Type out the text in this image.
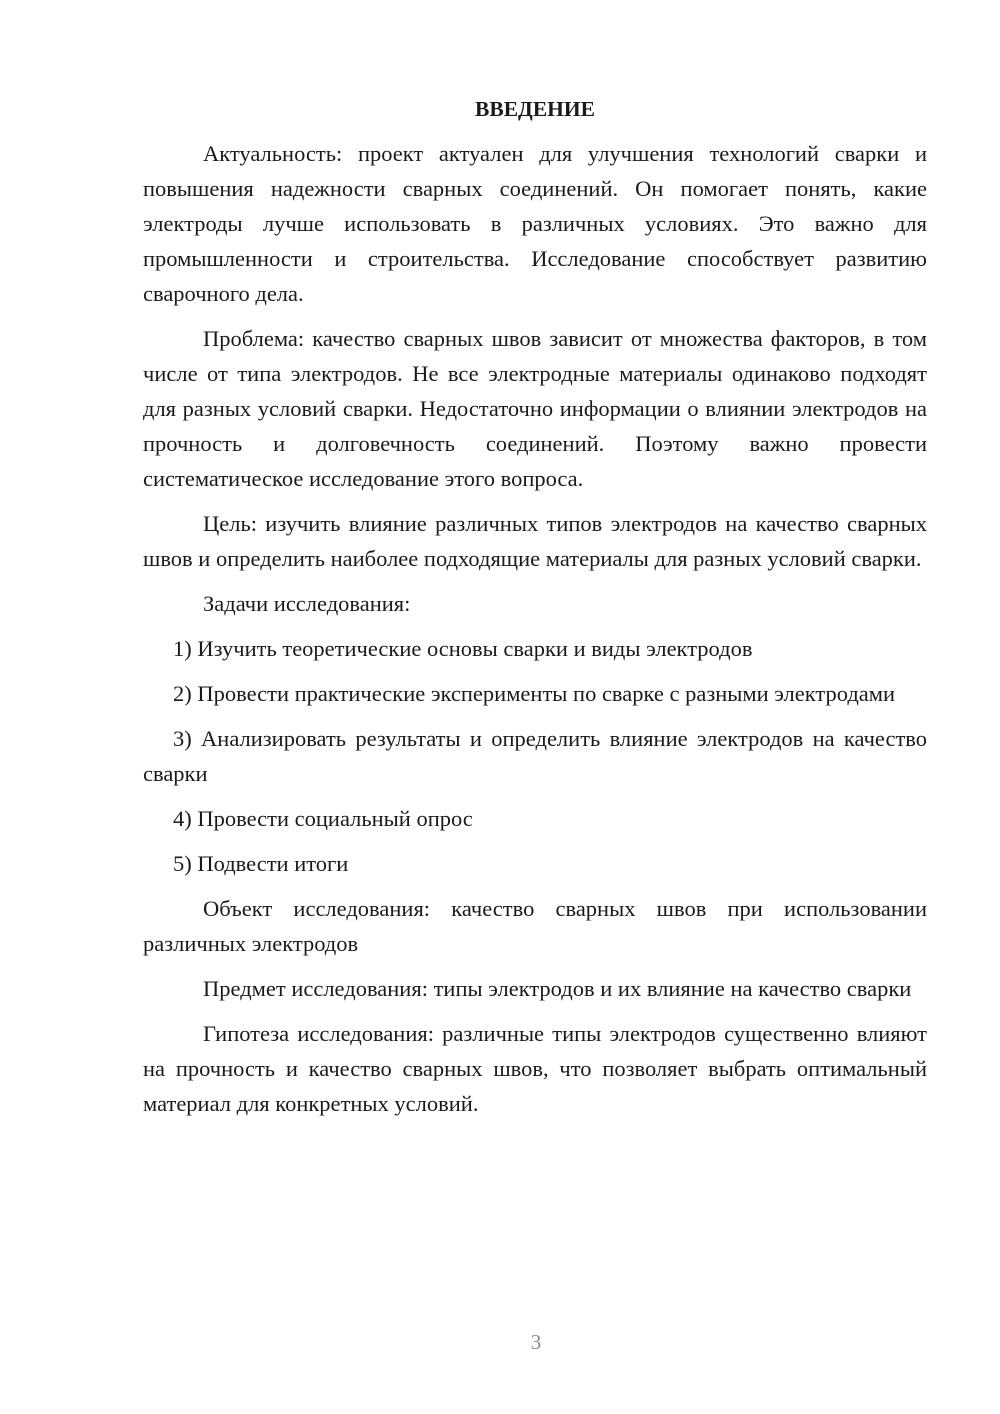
ВВЕДЕНИЕ

Актуальность: проект актуален для улучшения технологий сварки и повышения надежности сварных соединений. Он помогает понять, какие электроды лучше использовать в различных условиях. Это важно для промышленности и строительства. Исследование способствует развитию сварочного дела.

Проблема: качество сварных швов зависит от множества факторов, в том числе от типа электродов. Не все электродные материалы одинаково подходят для разных условий сварки. Недостаточно информации о влиянии электродов на прочность и долговечность соединений. Поэтому важно провести систематическое исследование этого вопроса.

Цель: изучить влияние различных типов электродов на качество сварных швов и определить наиболее подходящие материалы для разных условий сварки.

Задачи исследования:

1) Изучить теоретические основы сварки и виды электродов

2) Провести практические эксперименты по сварке с разными электродами

3) Анализировать результаты и определить влияние электродов на качество сварки

4) Провести социальный опрос

5) Подвести итоги

Объект исследования: качество сварных швов при использовании различных электродов

Предмет исследования: типы электродов и их влияние на качество сварки

Гипотеза исследования: различные типы электродов существенно влияют на прочность и качество сварных швов, что позволяет выбрать оптимальный материал для конкретных условий.

3
